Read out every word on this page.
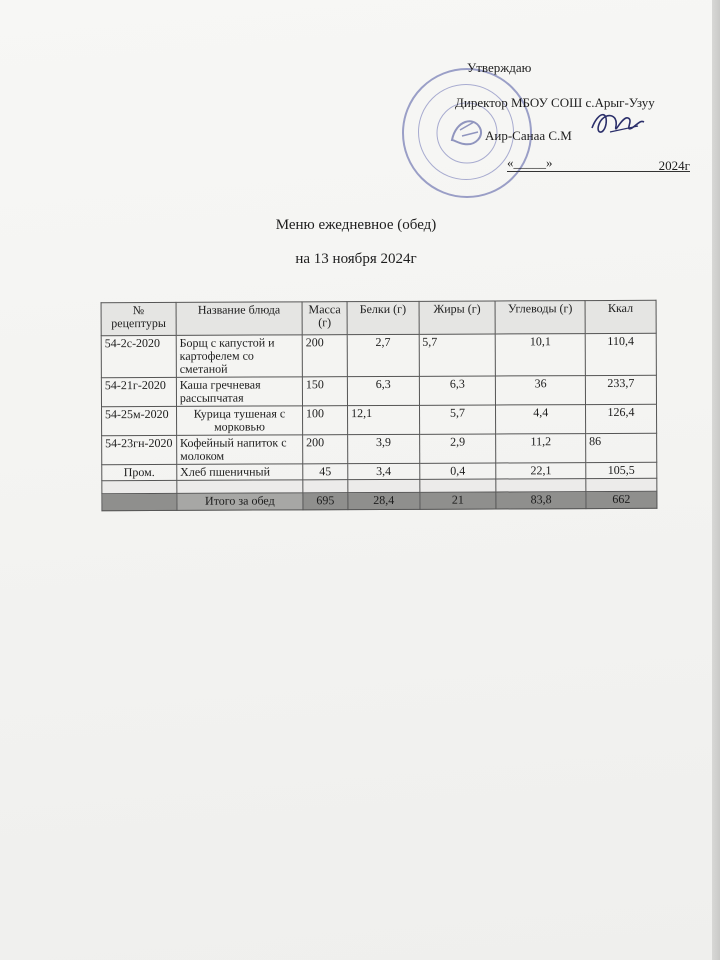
Утверждаю
Директор МБОУ СОШ с.Арыг-Узуу
Аир-Санаа С.М
«_____»	2024г
Меню ежедневное (обед)
на 13 ноября 2024г
№ рецептуры	Название блюда	Масса (г)	Белки (г)	Жиры (г)	Углеводы (г)	Ккал
54-2с-2020	Борщ с капустой и картофелем со сметаной	200	2,7	5,7	10,1	110,4
54-21г-2020	Каша гречневая рассыпчатая	150	6,3	6,3	36	233,7
54-25м-2020	Курица тушеная с морковью	100	12,1	5,7	4,4	126,4
54-23гн-2020	Кофейный напиток с молоком	200	3,9	2,9	11,2	86
Пром.	Хлеб пшеничный	45	3,4	0,4	22,1	105,5

	Итого за обед	695	28,4	21	83,8	662
